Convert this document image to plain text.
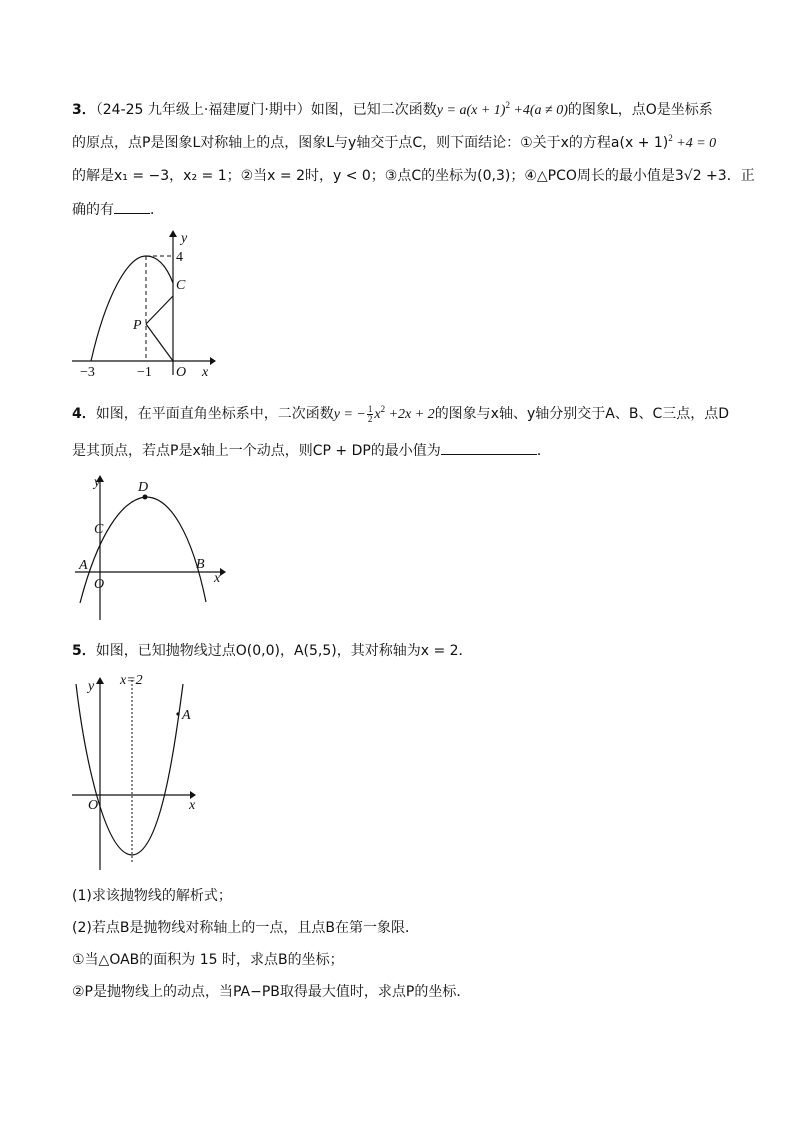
3．（24-25 九年级上·福建厦门·期中）如图，已知二次函数$y = a(x + 1)^2 +4(a \ne 0)$的图象L，点O是坐标系
的原点，点P是图象L对称轴上的点，图象L与y轴交于点C，则下面结论：①关于x的方程$a(x + 1)^2 +4 = 0$
的解是x₁ = −3，x₂ = 1；②当x = 2时，y < 0；③点C的坐标为(0,3)；④△PCO周长的最小值是3√2 +3．正
确的有	．
y
4
C
P
O x
−1
−3
4．如图，在平面直角坐标系中，二次函数y = − $\frac{1}{2} x^2 +2x + 2$的图象与x轴、y轴分别交于A、B、C三点，点D
是其顶点，若点P是x轴上一个动点，则CP + DP的最小值为	．
y	D
C
A	B
O	x
5．如图，已知抛物线过点O(0,0)，A(5,5)，其对称轴为x = 2．
y x=2
A
O	x
(1)求该抛物线的解析式；
(2)若点B是抛物线对称轴上的一点，且点B在第一象限．
①当△OAB的面积为 15 时，求点B的坐标；
②P是抛物线上的动点，当PA−PB取得最大值时，求点P的坐标．
